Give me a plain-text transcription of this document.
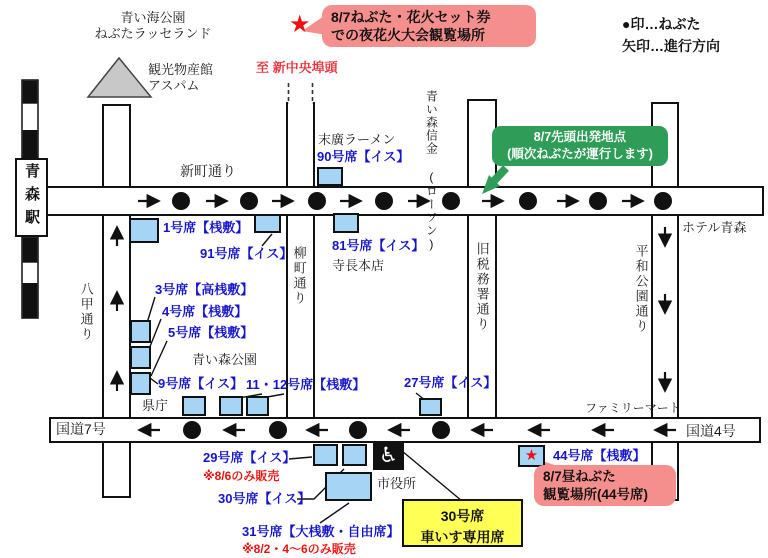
青い海公園
ねぶたラッセランド
観光物産館
アスパム
8/7ねぶた・花火セット券
での夜花火大会観覧場所
★
至 新中央埠頭
●印…ねぶた
矢印…進行方向
8/7先頭出発地点
(順次ねぶたが運行します)
青い森信金 (ローソン)
青森駅	新町通り
八甲通り
柳町通り	旧税務署通り	平和公園通り
国道7号	国道4号
末廣ラーメン
寺長本店
ホテル青森
青い森公園
県庁
市役所
ファミリーマート
★
♿
1号席【桟敷】
91号席【イス】
3号席【高桟敷】
4号席【桟敷】
5号席【桟敷】
9号席【イス】 11・12号席【桟敷】	27号席【イス】
81号席【イス】
90号席【イス】
29号席【イス】
※8/6のみ販売
30号席【イス】
31号席【大桟敷・自由席】
※8/2・4〜6のみ販売
44号席【桟敷】
8/7昼ねぶた
観覧場所(44号席)
30号席
車いす専用席
